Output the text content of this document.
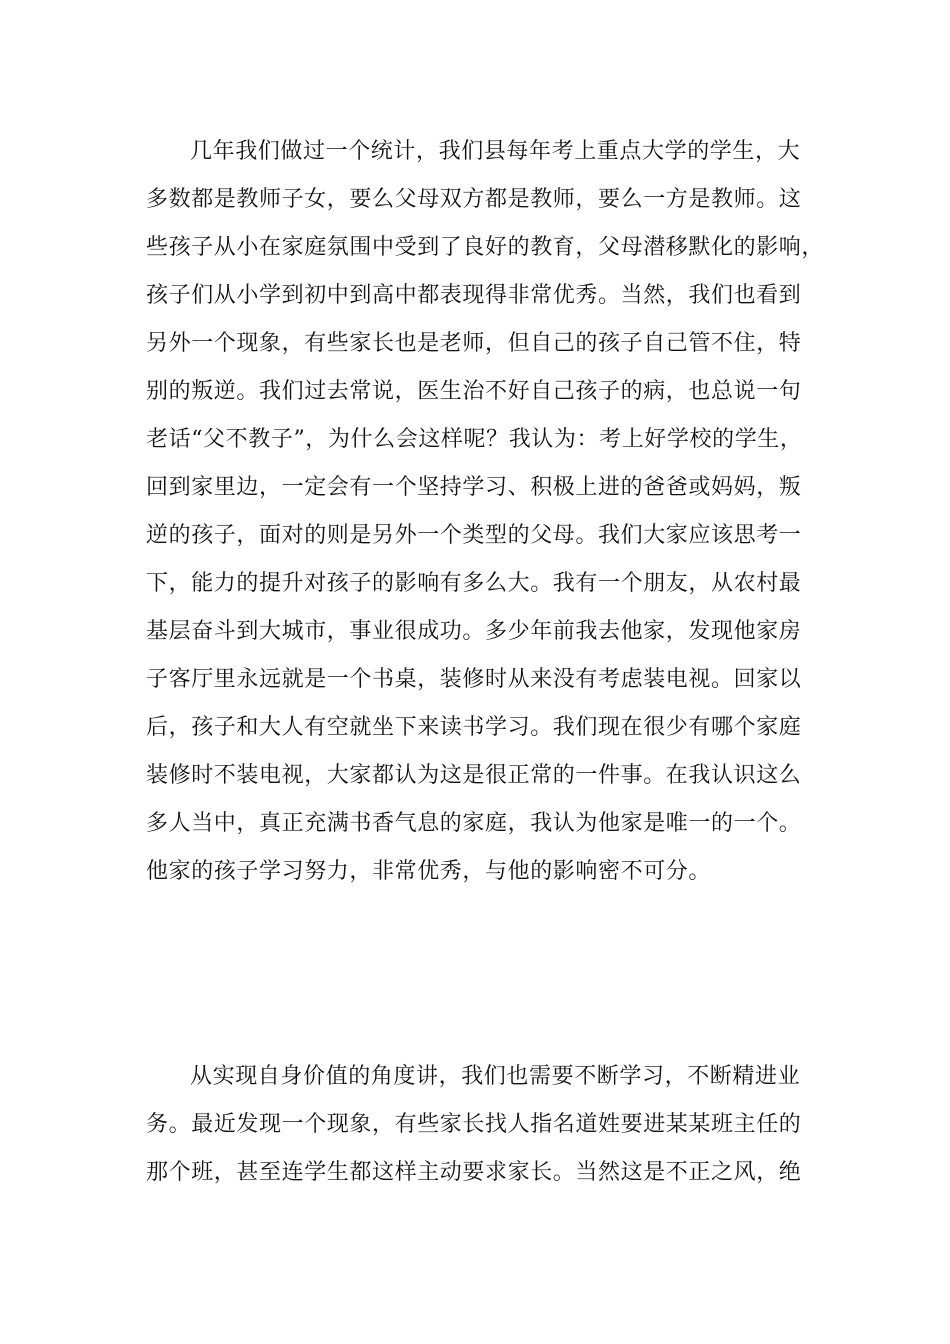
几年我们做过一个统计，我们县每年考上重点大学的学生，大
多数都是教师子女，要么父母双方都是教师，要么一方是教师。这
些孩子从小在家庭氛围中受到了良好的教育，父母潜移默化的影响，
孩子们从小学到初中到高中都表现得非常优秀。当然，我们也看到
另外一个现象，有些家长也是老师，但自己的孩子自己管不住，特
别的叛逆。我们过去常说，医生治不好自己孩子的病，也总说一句
老话“父不教子”，为什么会这样呢？我认为：考上好学校的学生，
回到家里边，一定会有一个坚持学习、积极上进的爸爸或妈妈，叛
逆的孩子，面对的则是另外一个类型的父母。我们大家应该思考一
下，能力的提升对孩子的影响有多么大。我有一个朋友，从农村最
基层奋斗到大城市，事业很成功。多少年前我去他家，发现他家房
子客厅里永远就是一个书桌，装修时从来没有考虑装电视。回家以
后，孩子和大人有空就坐下来读书学习。我们现在很少有哪个家庭
装修时不装电视，大家都认为这是很正常的一件事。在我认识这么
多人当中，真正充满书香气息的家庭，我认为他家是唯一的一个。
他家的孩子学习努力，非常优秀，与他的影响密不可分。
从实现自身价值的角度讲，我们也需要不断学习，不断精进业
务。最近发现一个现象，有些家长找人指名道姓要进某某班主任的
那个班，甚至连学生都这样主动要求家长。当然这是不正之风，绝
